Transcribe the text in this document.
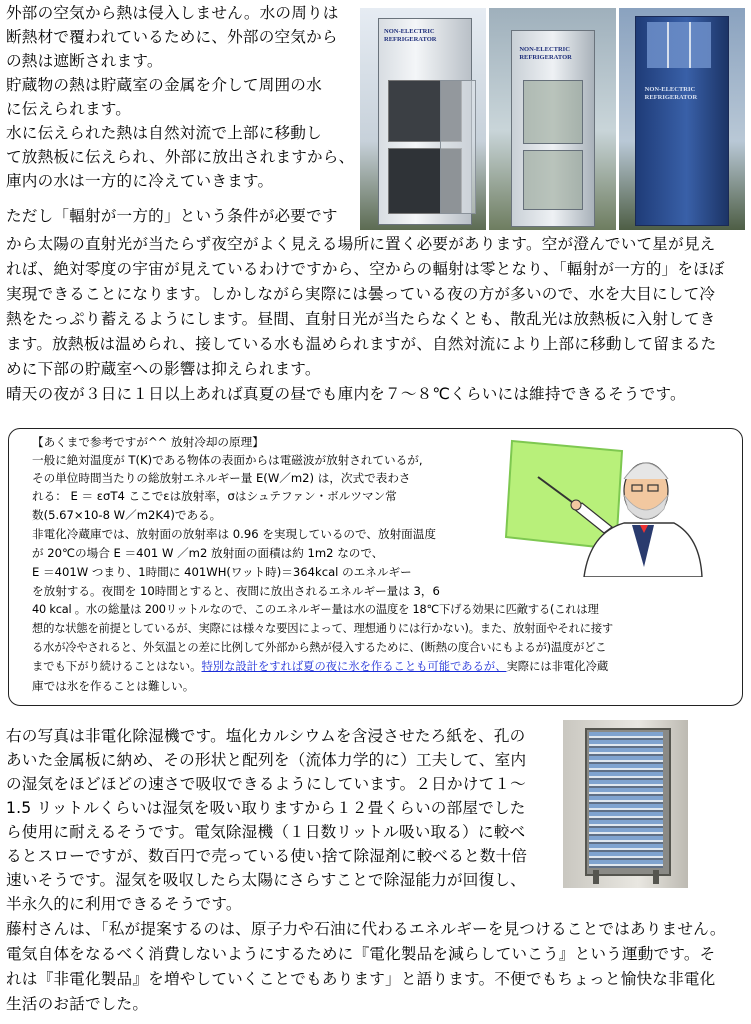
外部の空気から熱は侵入しません。水の周りは
断熱材で覆われているために、外部の空気から
の熱は遮断されます。
貯蔵物の熱は貯蔵室の金属を介して周囲の水
に伝えられます。
水に伝えられた熱は自然対流で上部に移動し
て放熱板に伝えられ、外部に放出されますから、
庫内の水は一方的に冷えていきます。
ただし「輻射が一方的」という条件が必要です
NON-ELECTRIC
REFRIGERATOR
NON-ELECTRIC
REFRIGERATOR
NON-ELECTRIC
REFRIGERATOR
から太陽の直射光が当たらず夜空がよく見える場所に置く必要があります。空が澄んでいて星が見え
れば、絶対零度の宇宙が見えているわけですから、空からの輻射は零となり、「輻射が一方的」をほぼ
実現できることになります。しかしながら実際には曇っている夜の方が多いので、水を大目にして冷
熱をたっぷり蓄えるようにします。昼間、直射日光が当たらなくとも、散乱光は放熱板に入射してき
ます。放熱板は温められ、接している水も温められますが、自然対流により上部に移動して留まるた
めに下部の貯蔵室への影響は抑えられます。
晴天の夜が３日に１日以上あれば真夏の昼でも庫内を７～８℃くらいには維持できるそうです。
【あくまで参考ですが^^ 放射冷却の原理】
一般に絶対温度が T(K)である物体の表面からは電磁波が放射されているが,
その単位時間当たりの総放射エネルギー量 E(W／m2) は，次式で表わさ
れる： E ＝ εσT4 ここでεは放射率，σはシュテファン・ボルツマン常
数(5.67×10-8 W／m2K4)である。
非電化冷蔵庫では、放射面の放射率は 0.96 を実現しているので、放射面温度
が 20℃の場合 E ＝401 W ／m2 放射面の面積は約 1m2 なので、
E ＝401W つまり、1時間に 401WH(ワット時)＝364kcal のエネルギー
を放射する。夜間を 10時間とすると、夜間に放出されるエネルギー量は 3，6
40 kcal 。水の総量は 200リットルなので、このエネルギー量は水の温度を 18℃下げる効果に匹敵する(これは理
想的な状態を前提としているが、実際には様々な要因によって、理想通りには行かない)。また、放射面やそれに接す
る水が冷やされると、外気温との差に比例して外部から熱が侵入するために、(断熱の度合いにもよるが)温度がどこ
までも下がり続けることはない。特別な設計をすれば夏の夜に氷を作ることも可能であるが、実際には非電化冷蔵
庫では氷を作ることは難しい。
右の写真は非電化除湿機です。塩化カルシウムを含浸させたろ紙を、孔の
あいた金属板に納め、その形状と配列を（流体力学的に）工夫して、室内
の湿気をほどほどの速さで吸収できるようにしています。２日かけて１～
1.5 リットルくらいは湿気を吸い取りますから１２畳くらいの部屋でした
ら使用に耐えるそうです。電気除湿機（１日数リットル吸い取る）に較べ
るとスローですが、数百円で売っている使い捨て除湿剤に較べると数十倍
速いそうです。湿気を吸収したら太陽にさらすことで除湿能力が回復し、
半永久的に利用できるそうです。
藤村さんは、「私が提案するのは、原子力や石油に代わるエネルギーを見つけることではありません。
電気自体をなるべく消費しないようにするために『電化製品を減らしていこう』という運動です。そ
れは『非電化製品』を増やしていくことでもあります」と語ります。不便でもちょっと愉快な非電化
生活のお話でした。
